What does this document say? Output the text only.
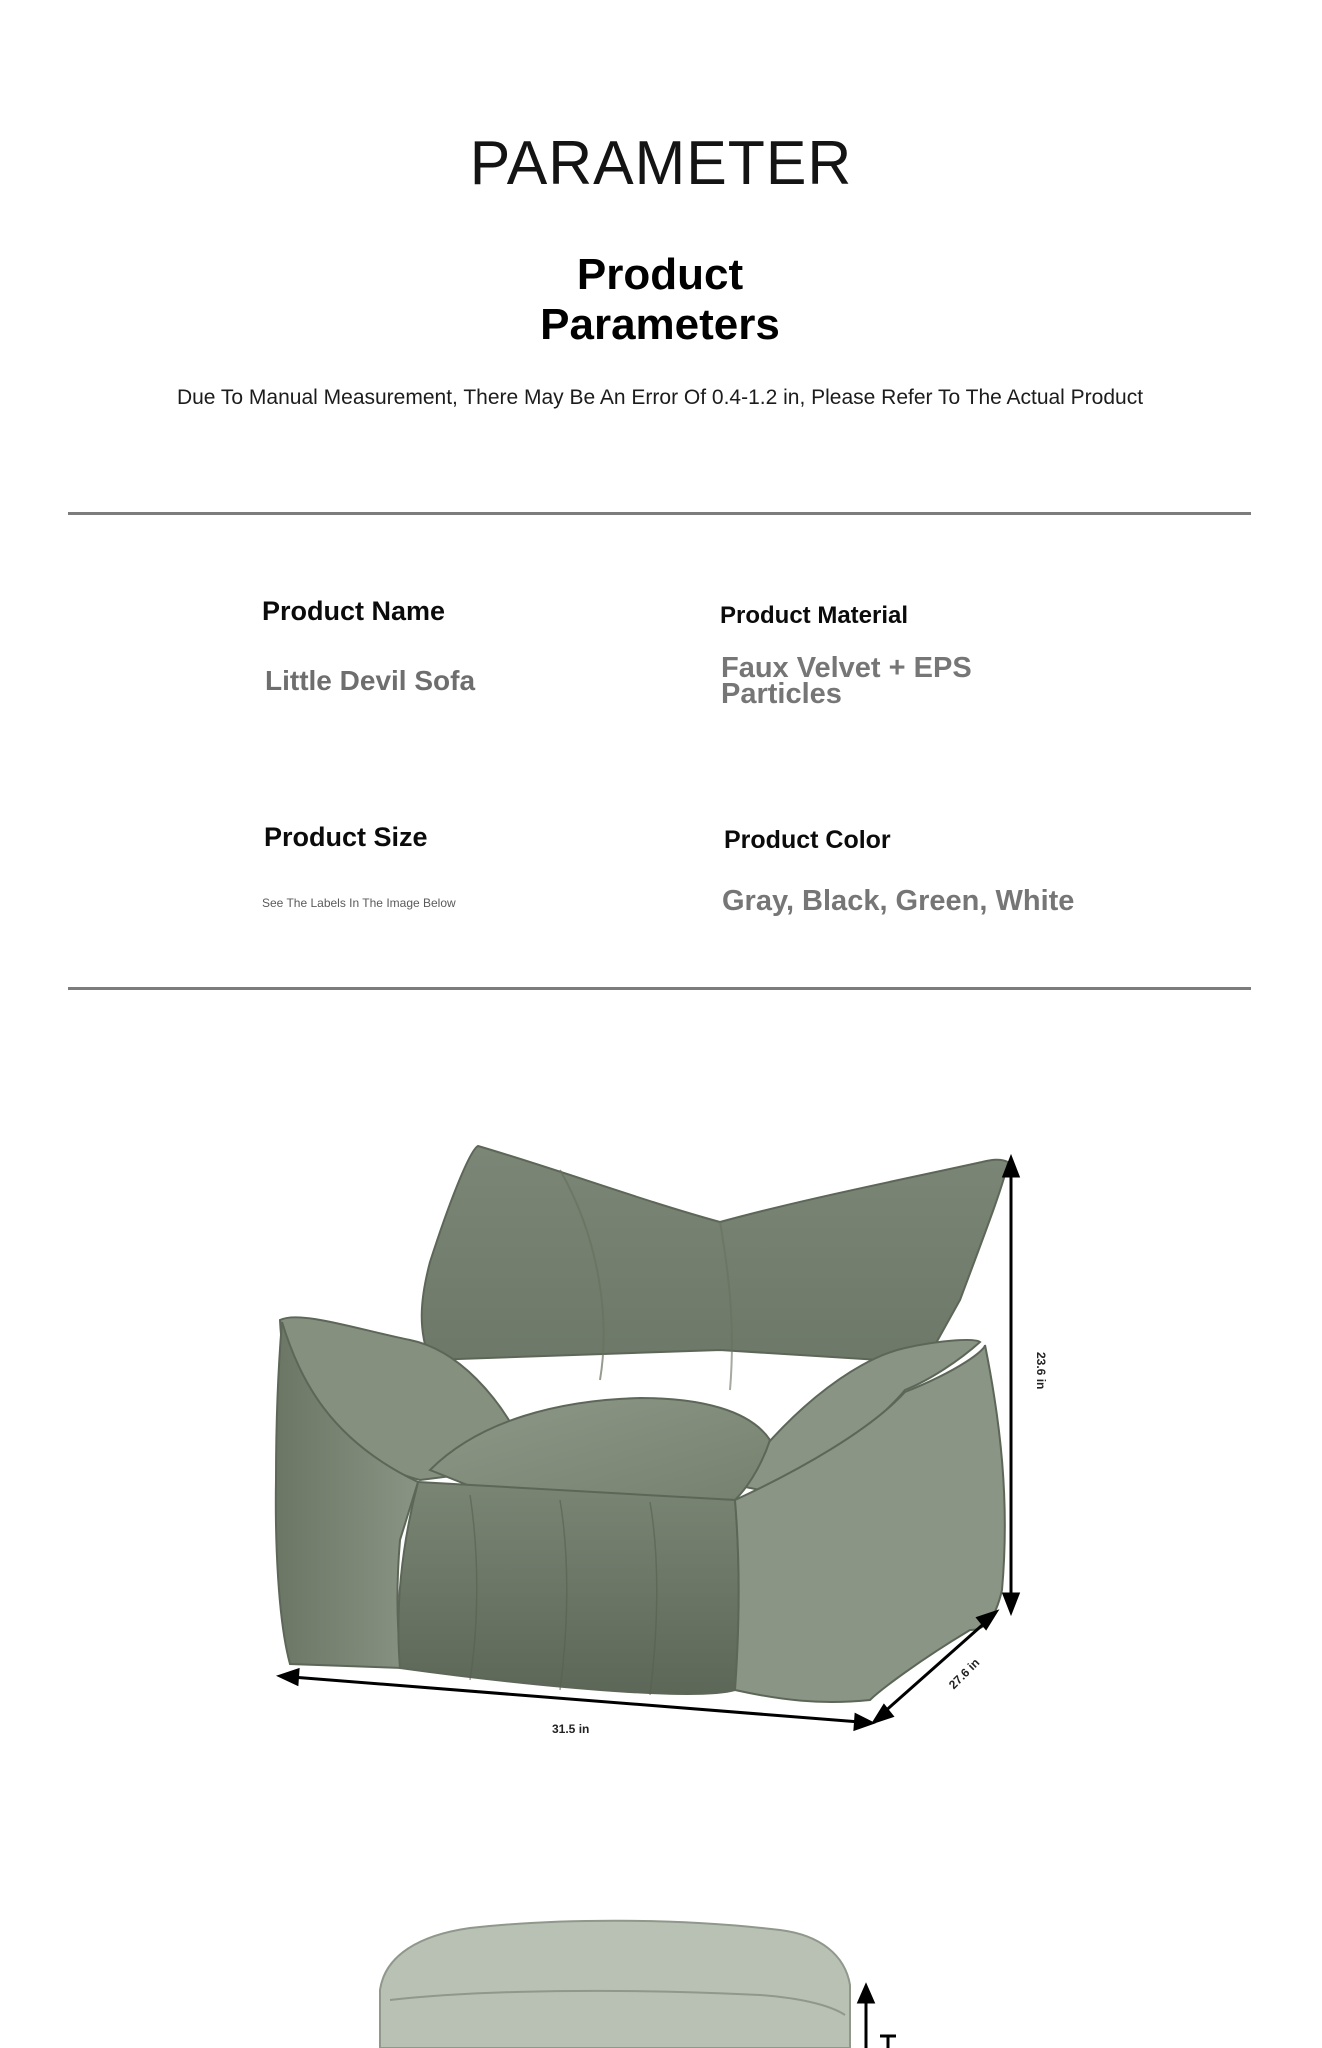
PARAMETER
Product Parameters
Due To Manual Measurement, There May Be An Error Of 0.4-1.2 in, Please Refer To The Actual Product
Product Name
Little Devil Sofa
Product Material
Faux Velvet + EPS
Particles
Product Size
See The Labels In The Image Below
Product Color
Gray, Black, Green, White
23.6 in
31.5 in
27.6 in
